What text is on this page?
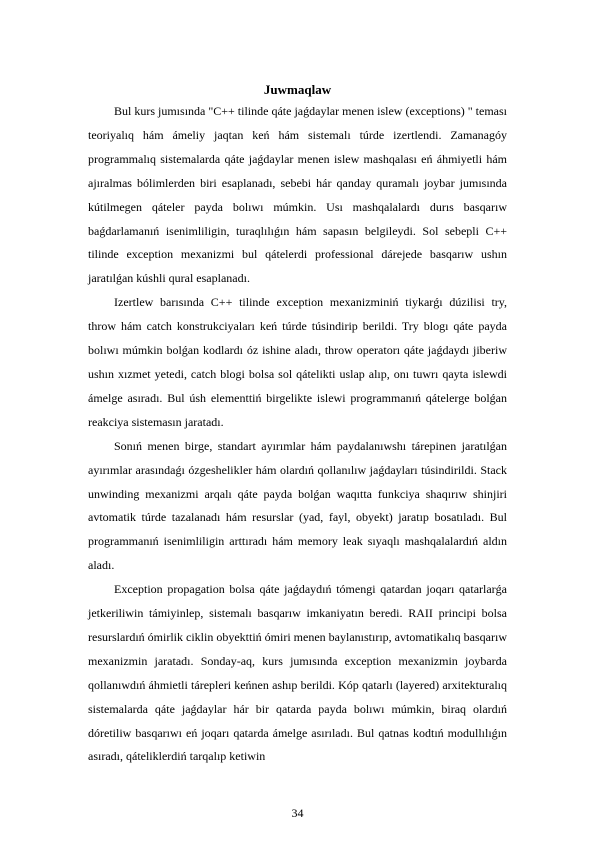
Juwmaqlaw

Bul kurs jumısında "C++ tilinde qáte jaǵdaylar menen islew (exceptions) " teması teoriyalıq hám ámeliy jaqtan keń hám sistemalı túrde izertlendi. Zamanagóy programmalıq sistemalarda qáte jaǵdaylar menen islew mashqalası eń áhmiyetli hám ajıralmas bólimlerden biri esaplanadı, sebebi hár qanday quramalı joybar jumısında kútilmegen qáteler payda bolıwı múmkin. Usı mashqalalardı durıs basqarıw baǵdarlamanıń isenimliligin, turaqlılıǵın hám sapasın belgileydi. Sol sebepli C++ tilinde exception mexanizmi bul qátelerdi professional dárejede basqarıw ushın jaratılǵan kúshli qural esaplanadı.

Izertlew barısında C++ tilinde exception mexanizminiń tiykarǵı dúzilisi try, throw hám catch konstrukciyaları keń túrde túsindirip berildi. Try blogı qáte payda bolıwı múmkin bolǵan kodlardı óz ishine aladı, throw operatorı qáte jaǵdaydı jiberiw ushın xızmet yetedi, catch blogi bolsa sol qátelikti uslap alıp, onı tuwrı qayta islewdi ámelge asıradı. Bul úsh elementtiń birgelikte islewi programmanıń qátelerge bolǵan reakciya sistemasın jaratadı.

Sonıń menen birge, standart ayırımlar hám paydalanıwshı tárepinen jaratılǵan ayırımlar arasındaǵı ózgeshelikler hám olardıń qollanılıw jaǵdayları túsindirildi. Stack unwinding mexanizmi arqalı qáte payda bolǵan waqıtta funkciya shaqırıw shinjiri avtomatik túrde tazalanadı hám resurslar (yad, fayl, obyekt) jaratıp bosatıladı. Bul programmanıń isenimliligin arttıradı hám memory leak sıyaqlı mashqalalardıń aldın aladı.

Exception propagation bolsa qáte jaǵdaydıń tómengi qatardan joqarı qatarlarǵa jetkeriliwin támiyinlep, sistemalı basqarıw imkaniyatın beredi. RAII principi bolsa resurslardıń ómirlik ciklin obyekttiń ómiri menen baylanıstırıp, avtomatikalıq basqarıw mexanizmin jaratadı. Sonday-aq, kurs jumısında exception mexanizmin joybarda qollanıwdıń áhmietli tárepleri keńnen ashıp berildi. Kóp qatarlı (layered) arxitekturalıq sistemalarda qáte jaǵdaylar hár bir qatarda payda bolıwı múmkin, biraq olardıń dóretiliw basqarıwı eń joqarı qatarda ámelge asırıladı. Bul qatnas kodtıń modullılıǵın asıradı, qáteliklerdiń tarqalıp ketiwin

34
